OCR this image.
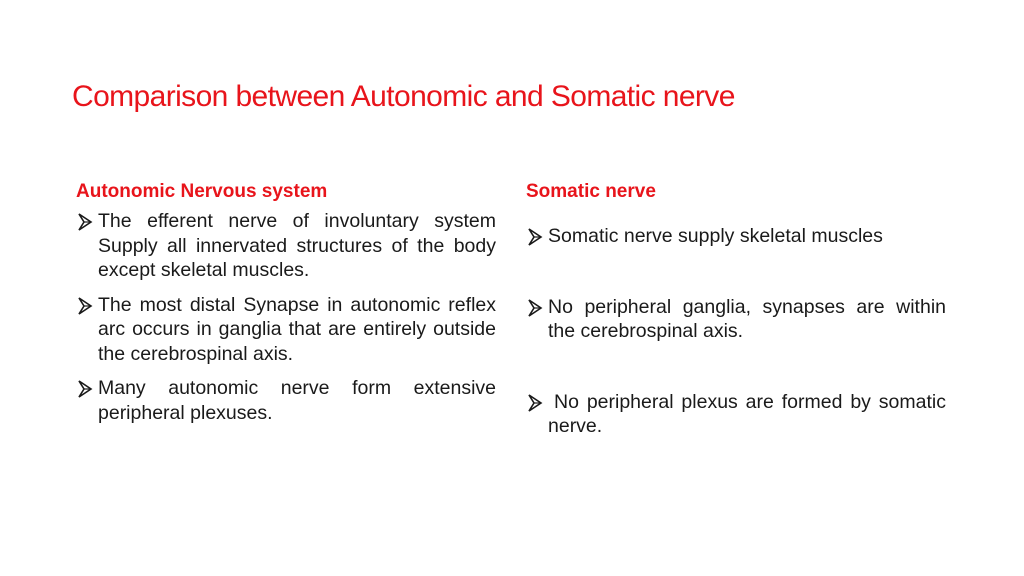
Comparison between Autonomic and Somatic nerve
Autonomic Nervous system
The efferent nerve of involuntary system Supply all innervated structures of the body except skeletal muscles.
The most distal Synapse in autonomic reflex arc occurs in ganglia that are entirely outside the cerebrospinal axis.
Many autonomic nerve form extensive peripheral plexuses.
Somatic nerve
Somatic nerve supply skeletal muscles
No peripheral ganglia, synapses are within the cerebrospinal axis.
No peripheral plexus are formed by somatic nerve.
